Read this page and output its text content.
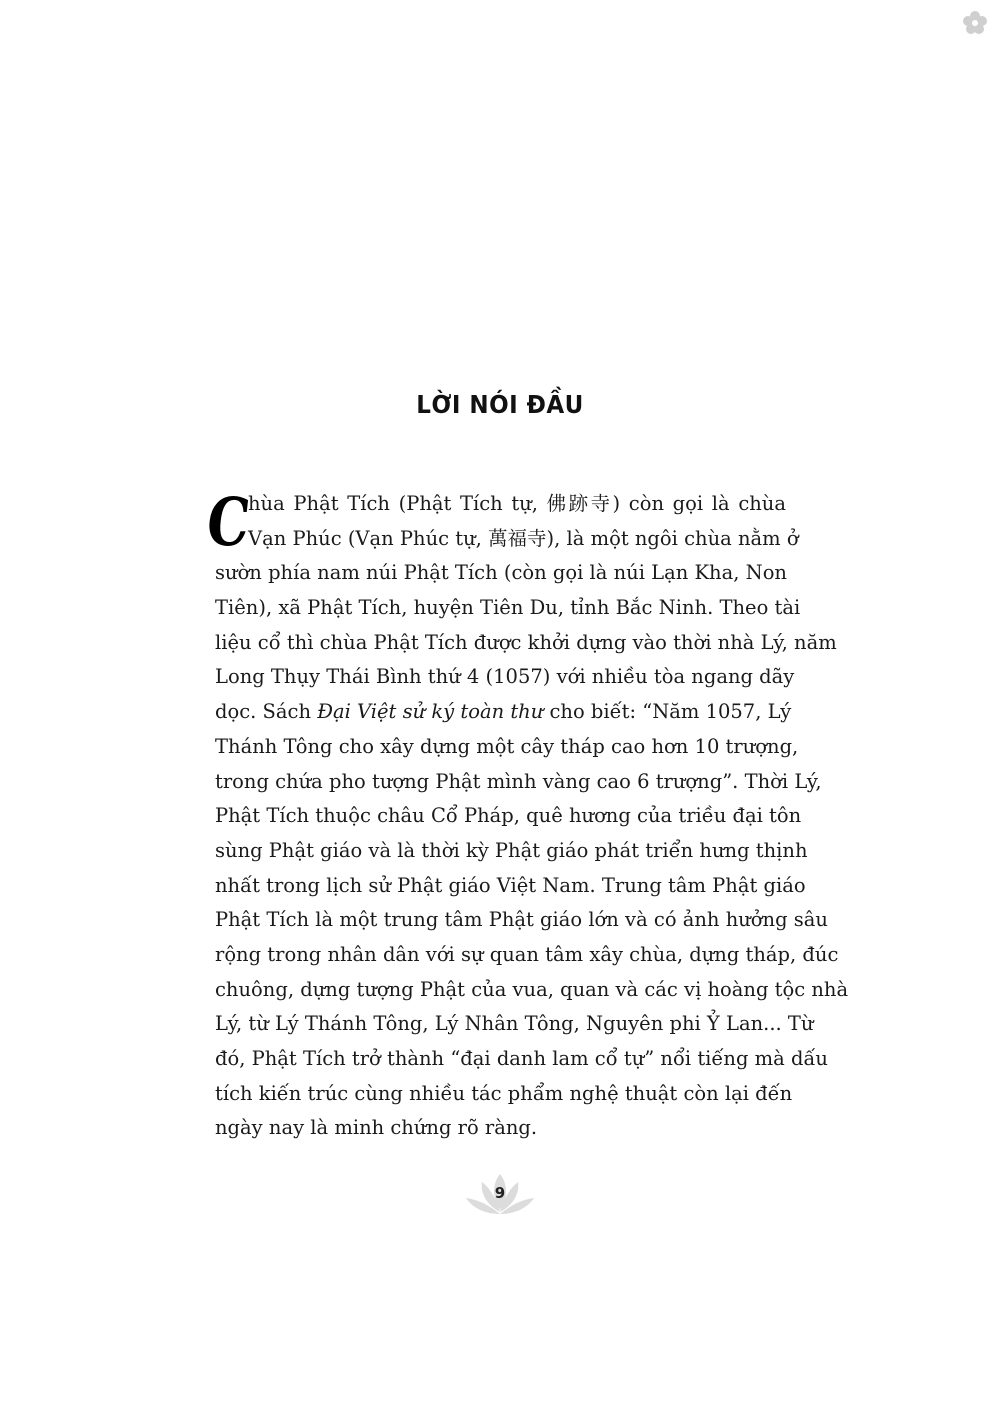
LỜI NÓI ĐẦU
C
hùa Phật Tích (Phật Tích tự, 佛跡寺) còn gọi là chùa
Vạn Phúc (Vạn Phúc tự, 萬福寺), là một ngôi chùa nằm ở
sườn phía nam núi Phật Tích (còn gọi là núi Lạn Kha, Non
Tiên), xã Phật Tích, huyện Tiên Du, tỉnh Bắc Ninh. Theo tài
liệu cổ thì chùa Phật Tích được khởi dựng vào thời nhà Lý, năm
Long Thụy Thái Bình thứ 4 (1057) với nhiều tòa ngang dãy
dọc. Sách Đại Việt sử ký toàn thư cho biết: “Năm 1057, Lý
Thánh Tông cho xây dựng một cây tháp cao hơn 10 trượng,
trong chứa pho tượng Phật mình vàng cao 6 trượng”. Thời Lý,
Phật Tích thuộc châu Cổ Pháp, quê hương của triều đại tôn
sùng Phật giáo và là thời kỳ Phật giáo phát triển hưng thịnh
nhất trong lịch sử Phật giáo Việt Nam. Trung tâm Phật giáo
Phật Tích là một trung tâm Phật giáo lớn và có ảnh hưởng sâu
rộng trong nhân dân với sự quan tâm xây chùa, dựng tháp, đúc
chuông, dựng tượng Phật của vua, quan và các vị hoàng tộc nhà
Lý, từ Lý Thánh Tông, Lý Nhân Tông, Nguyên phi Ỷ Lan... Từ
đó, Phật Tích trở thành “đại danh lam cổ tự” nổi tiếng mà dấu
tích kiến trúc cùng nhiều tác phẩm nghệ thuật còn lại đến
ngày nay là minh chứng rõ ràng.
9
